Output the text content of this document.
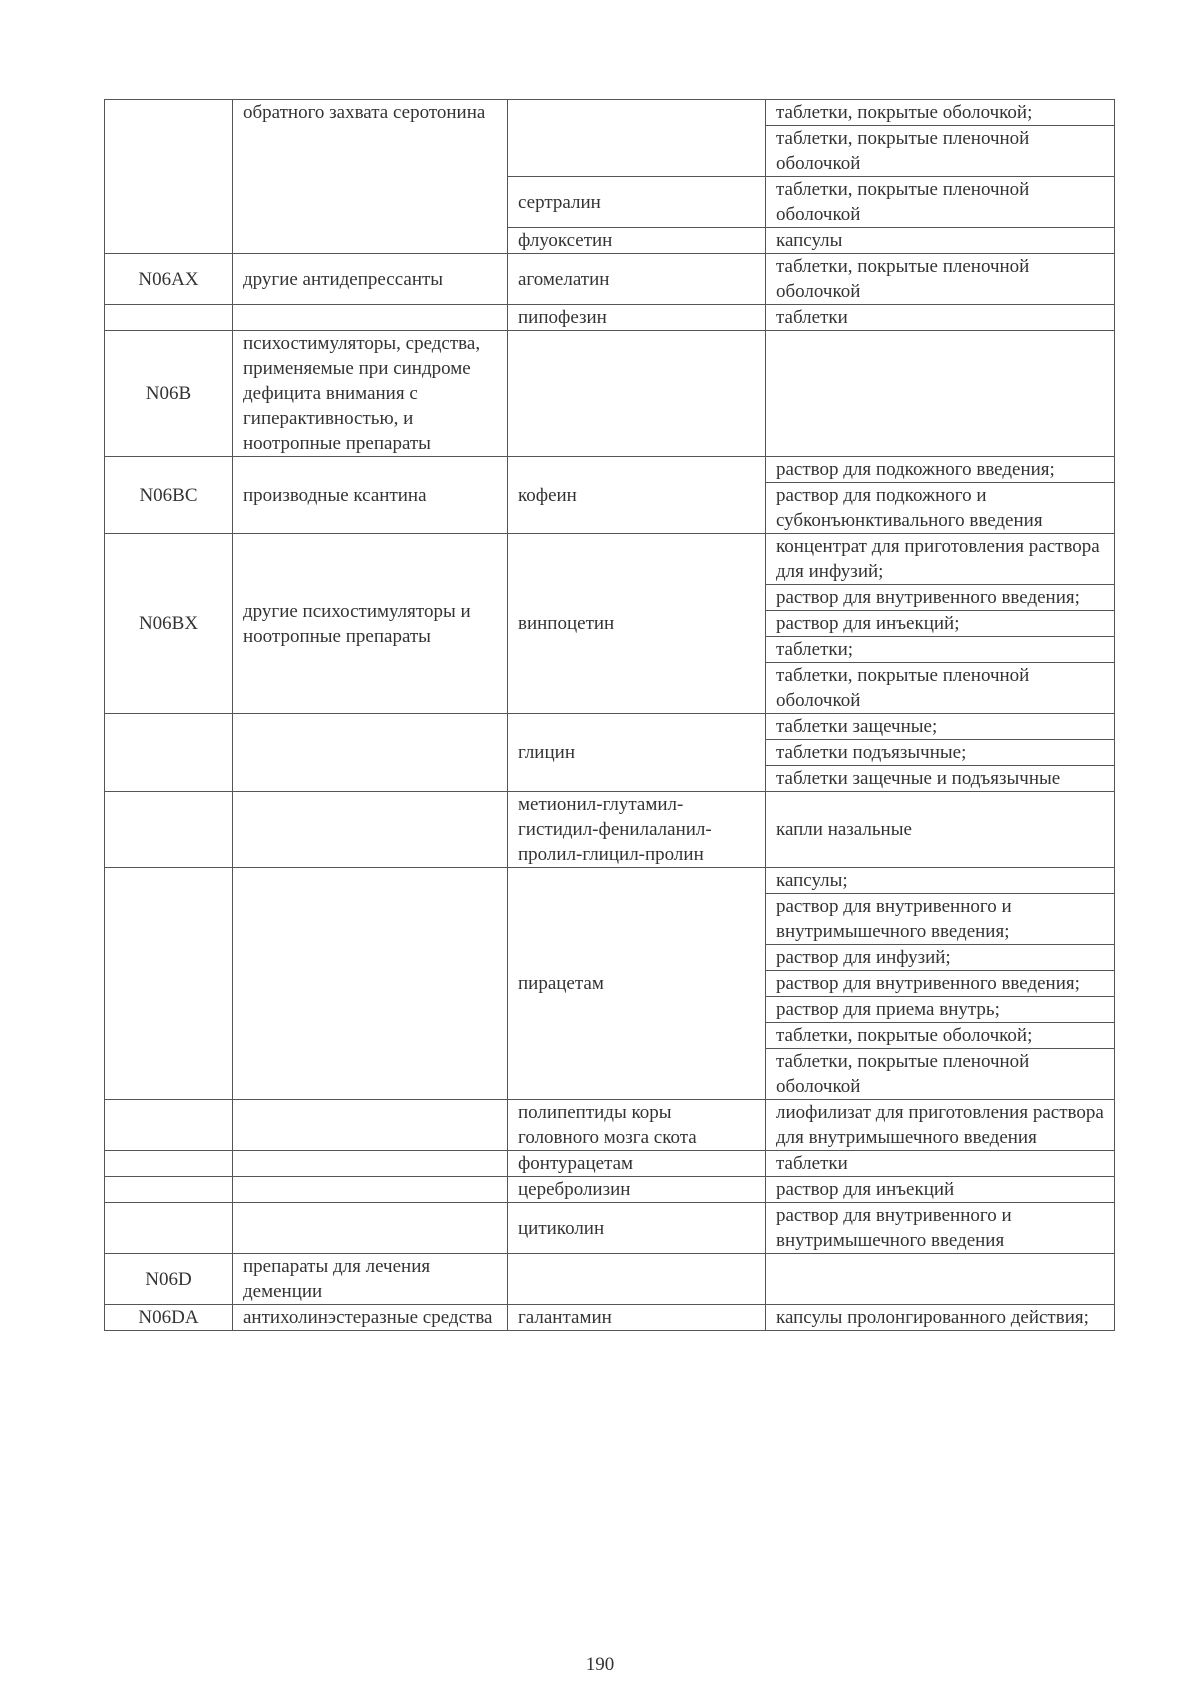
	обратного захвата серотонина		таблетки, покрытые оболочкой;
			таблетки, покрытые пленочной оболочкой
		сертралин	таблетки, покрытые пленочной оболочкой
		флуоксетин	капсулы
N06AX	другие антидепрессанты	агомелатин	таблетки, покрытые пленочной оболочкой
		пипофезин	таблетки
N06B	психостимуляторы, средства, применяемые при синдроме дефицита внимания с гиперактивностью, и ноотропные препараты		
N06BC	производные ксантина	кофеин	раствор для подкожного введения;
			раствор для подкожного и субконъюнктивального введения
N06BX	другие психостимуляторы и ноотропные препараты	винпоцетин	концентрат для приготовления раствора для инфузий;
			раствор для внутривенного введения;
			раствор для инъекций;
			таблетки;
			таблетки, покрытые пленочной оболочкой
		глицин	таблетки защечные;
			таблетки подъязычные;
			таблетки защечные и подъязычные
		метионил-глутамил-гистидил-фенилаланил-пролил-глицил-пролин	капли назальные
		пирацетам	капсулы;
			раствор для внутривенного и внутримышечного введения;
			раствор для инфузий;
			раствор для внутривенного введения;
			раствор для приема внутрь;
			таблетки, покрытые оболочкой;
			таблетки, покрытые пленочной оболочкой
		полипептиды коры головного мозга скота	лиофилизат для приготовления раствора для внутримышечного введения
		фонтурацетам	таблетки
		церебролизин	раствор для инъекций
		цитиколин	раствор для внутривенного и внутримышечного введения
N06D	препараты для лечения деменции		
N06DA	антихолинэстеразные средства	галантамин	капсулы пролонгированного действия;
190
